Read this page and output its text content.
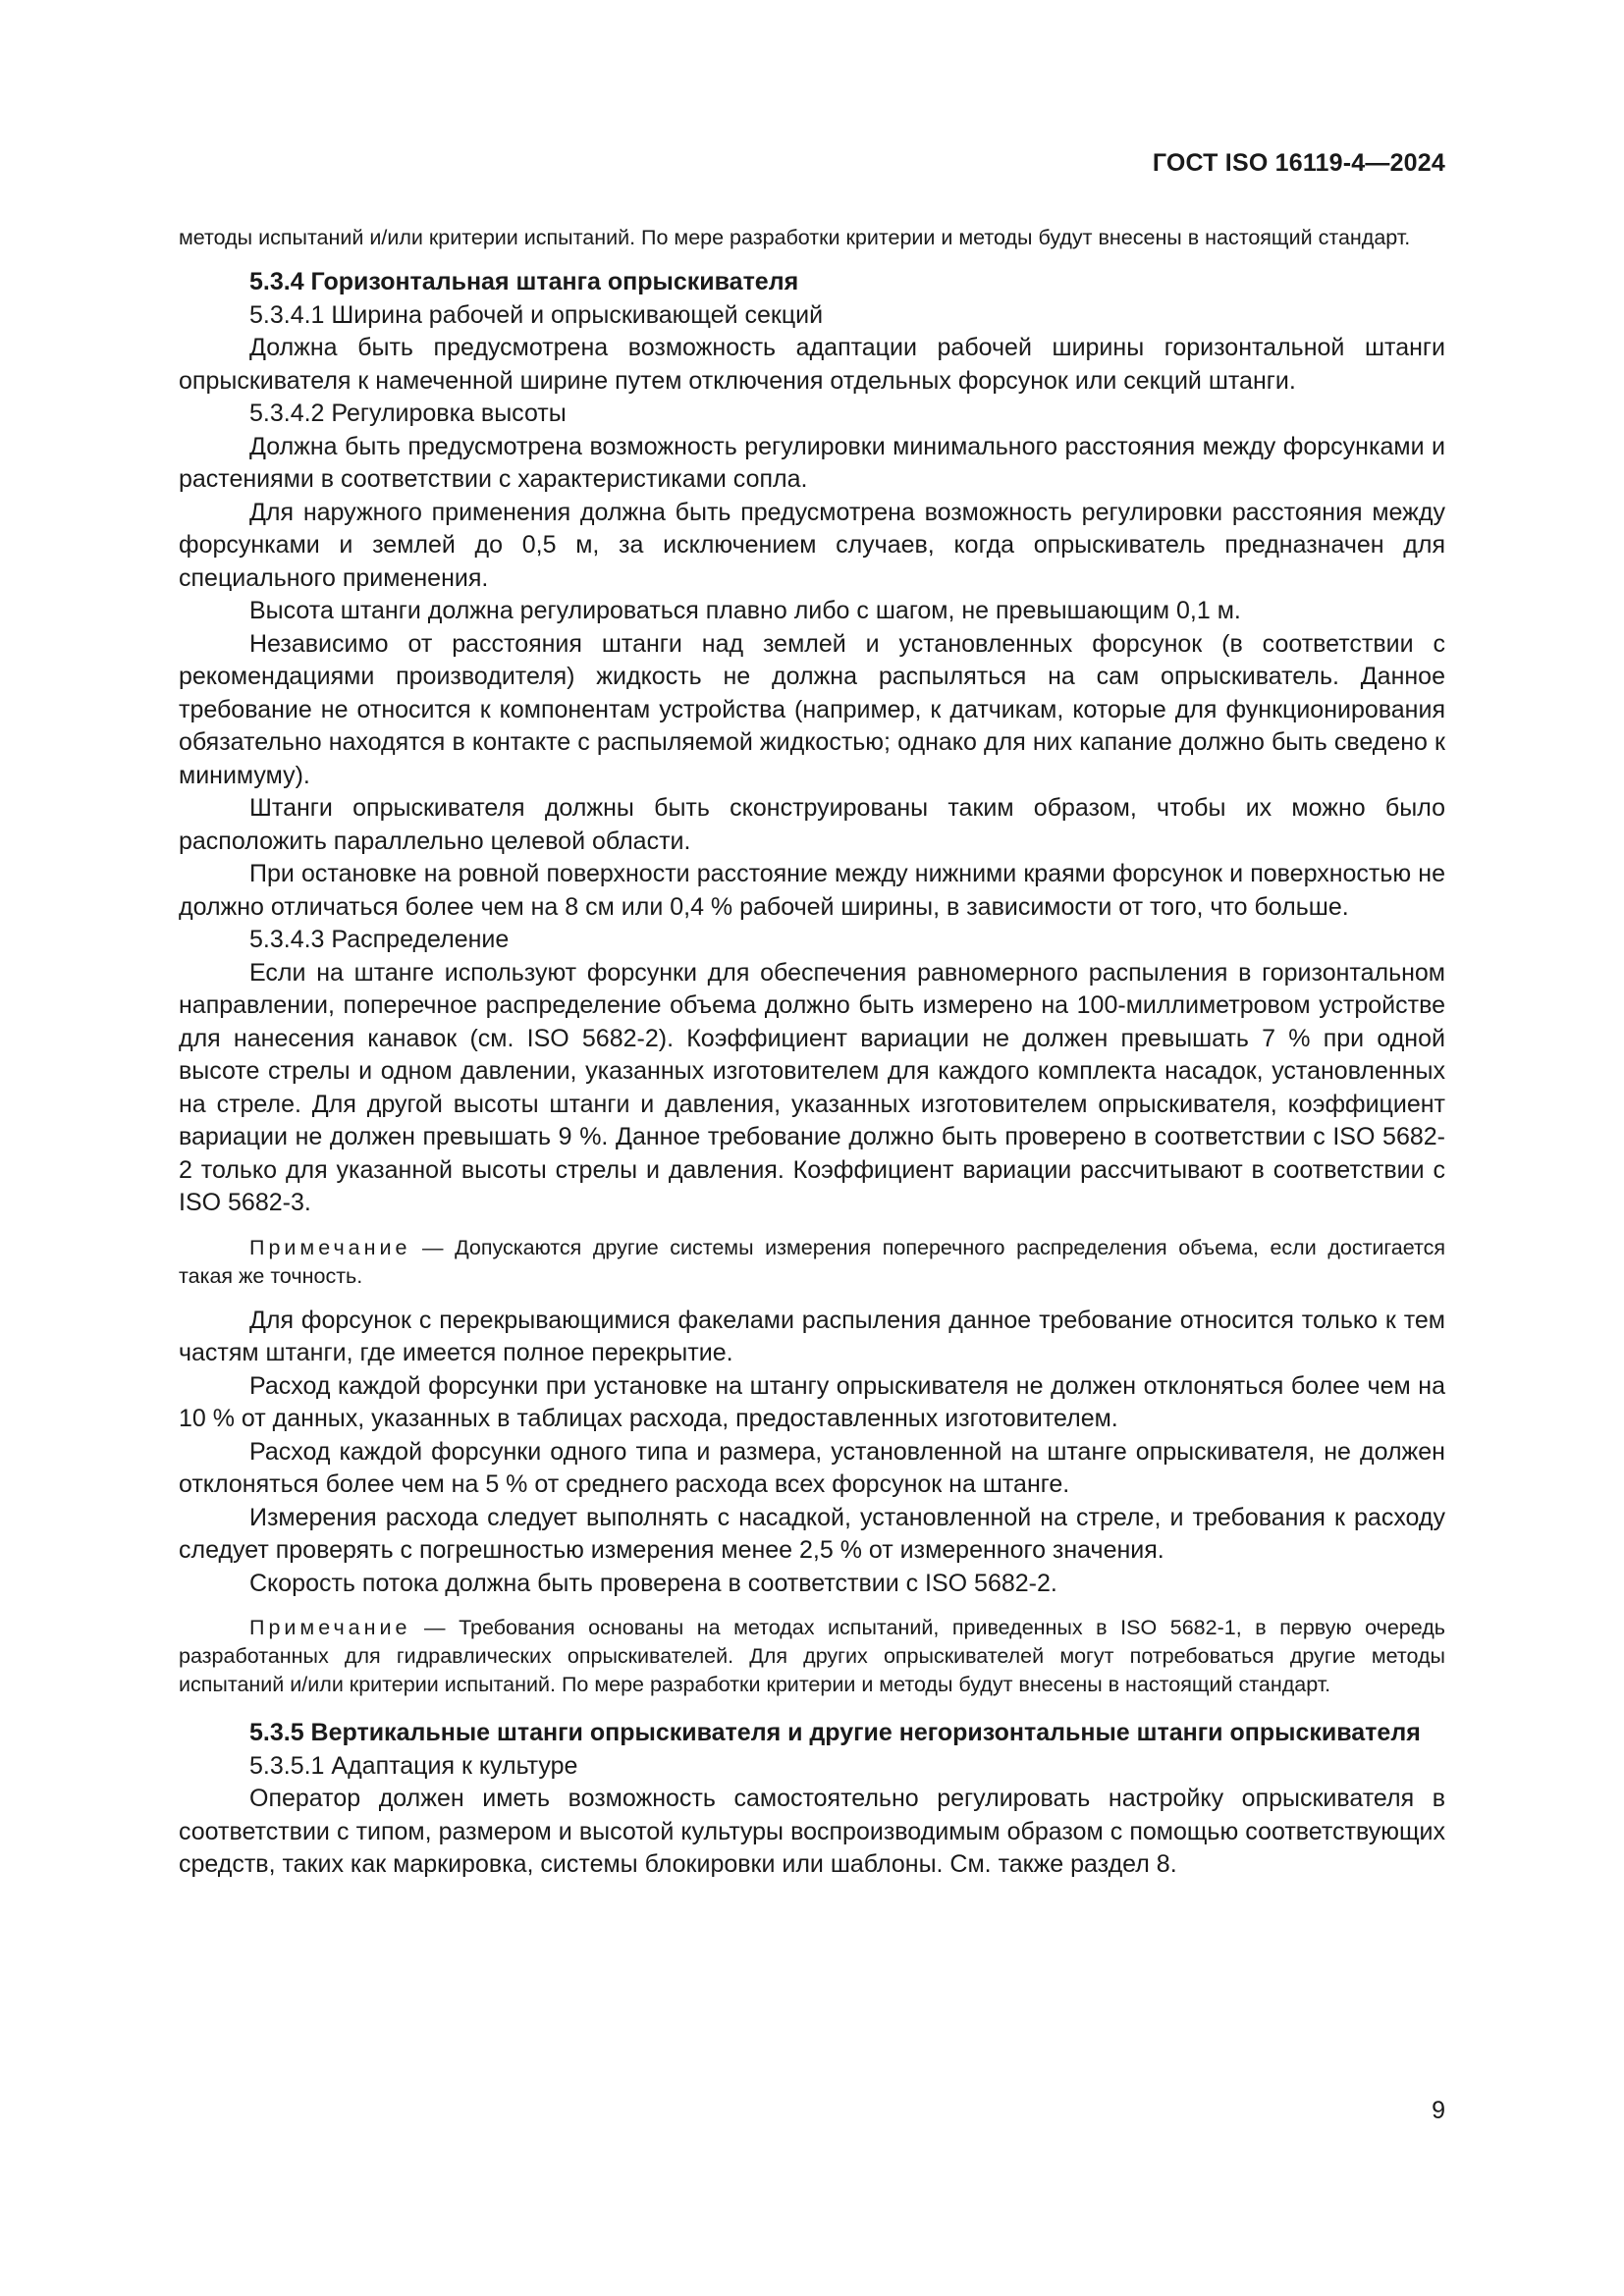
ГОСТ ISO 16119-4—2024

методы испытаний и/или критерии испытаний. По мере разработки критерии и методы будут внесены в настоящий стандарт.

5.3.4 Горизонтальная штанга опрыскивателя

5.3.4.1 Ширина рабочей и опрыскивающей секций

Должна быть предусмотрена возможность адаптации рабочей ширины горизонтальной штанги опрыскивателя к намеченной ширине путем отключения отдельных форсунок или секций штанги.

5.3.4.2 Регулировка высоты

Должна быть предусмотрена возможность регулировки минимального расстояния между форсунками и растениями в соответствии с характеристиками сопла.

Для наружного применения должна быть предусмотрена возможность регулировки расстояния между форсунками и землей до 0,5 м, за исключением случаев, когда опрыскиватель предназначен для специального применения.

Высота штанги должна регулироваться плавно либо с шагом, не превышающим 0,1 м.

Независимо от расстояния штанги над землей и установленных форсунок (в соответствии с рекомендациями производителя) жидкость не должна распыляться на сам опрыскиватель. Данное требование не относится к компонентам устройства (например, к датчикам, которые для функционирования обязательно находятся в контакте с распыляемой жидкостью; однако для них капание должно быть сведено к минимуму).

Штанги опрыскивателя должны быть сконструированы таким образом, чтобы их можно было расположить параллельно целевой области.

При остановке на ровной поверхности расстояние между нижними краями форсунок и поверхностью не должно отличаться более чем на 8 см или 0,4 % рабочей ширины, в зависимости от того, что больше.

5.3.4.3 Распределение

Если на штанге используют форсунки для обеспечения равномерного распыления в горизонтальном направлении, поперечное распределение объема должно быть измерено на 100-миллиметровом устройстве для нанесения канавок (см. ISO 5682-2). Коэффициент вариации не должен превышать 7 % при одной высоте стрелы и одном давлении, указанных изготовителем для каждого комплекта насадок, установленных на стреле. Для другой высоты штанги и давления, указанных изготовителем опрыскивателя, коэффициент вариации не должен превышать 9 %. Данное требование должно быть проверено в соответствии с ISO 5682-2 только для указанной высоты стрелы и давления. Коэффициент вариации рассчитывают в соответствии с ISO 5682-3.

Примечание — Допускаются другие системы измерения поперечного распределения объема, если достигается такая же точность.

Для форсунок с перекрывающимися факелами распыления данное требование относится только к тем частям штанги, где имеется полное перекрытие.

Расход каждой форсунки при установке на штангу опрыскивателя не должен отклоняться более чем на 10 % от данных, указанных в таблицах расхода, предоставленных изготовителем.

Расход каждой форсунки одного типа и размера, установленной на штанге опрыскивателя, не должен отклоняться более чем на 5 % от среднего расхода всех форсунок на штанге.

Измерения расхода следует выполнять с насадкой, установленной на стреле, и требования к расходу следует проверять с погрешностью измерения менее 2,5 % от измеренного значения.

Скорость потока должна быть проверена в соответствии с ISO 5682-2.

Примечание — Требования основаны на методах испытаний, приведенных в ISO 5682-1, в первую очередь разработанных для гидравлических опрыскивателей. Для других опрыскивателей могут потребоваться другие методы испытаний и/или критерии испытаний. По мере разработки критерии и методы будут внесены в настоящий стандарт.

5.3.5 Вертикальные штанги опрыскивателя и другие негоризонтальные штанги опрыскивателя

5.3.5.1 Адаптация к культуре

Оператор должен иметь возможность самостоятельно регулировать настройку опрыскивателя в соответствии с типом, размером и высотой культуры воспроизводимым образом с помощью соответствующих средств, таких как маркировка, системы блокировки или шаблоны. См. также раздел 8.

9
